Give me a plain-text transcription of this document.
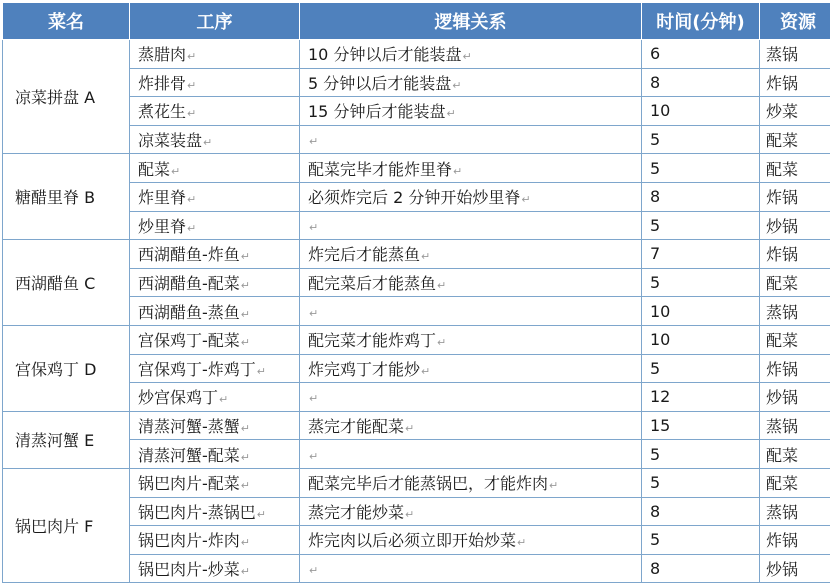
菜名	工序	逻辑关系	时间(分钟)	资源
凉菜拼盘 A	蒸腊肉↵	10 分钟以后才能装盘↵	6	蒸锅
	炸排骨↵	5 分钟以后才能装盘↵	8	炸锅
	煮花生↵	15 分钟后才能装盘↵	10	炒菜
	凉菜装盘↵	↵	5	配菜
糖醋里脊 B	配菜↵	配菜完毕才能炸里脊↵	5	配菜
	炸里脊↵	必须炸完后 2 分钟开始炒里脊↵	8	炸锅
	炒里脊↵	↵	5	炒锅
西湖醋鱼 C	西湖醋鱼-炸鱼↵	炸完后才能蒸鱼↵	7	炸锅
	西湖醋鱼-配菜↵	配完菜后才能蒸鱼↵	5	配菜
	西湖醋鱼-蒸鱼↵	↵	10	蒸锅
宫保鸡丁 D	宫保鸡丁-配菜↵	配完菜才能炸鸡丁↵	10	配菜
	宫保鸡丁-炸鸡丁↵	炸完鸡丁才能炒↵	5	炸锅
	炒宫保鸡丁↵	↵	12	炒锅
清蒸河蟹 E	清蒸河蟹-蒸蟹↵	蒸完才能配菜↵	15	蒸锅
	清蒸河蟹-配菜↵	↵	5	配菜
锅巴肉片 F	锅巴肉片-配菜↵	配菜完毕后才能蒸锅巴，才能炸肉↵	5	配菜
	锅巴肉片-蒸锅巴↵	蒸完才能炒菜↵	8	蒸锅
	锅巴肉片-炸肉↵	炸完肉以后必须立即开始炒菜↵	5	炸锅
	锅巴肉片-炒菜↵	↵	8	炒锅
